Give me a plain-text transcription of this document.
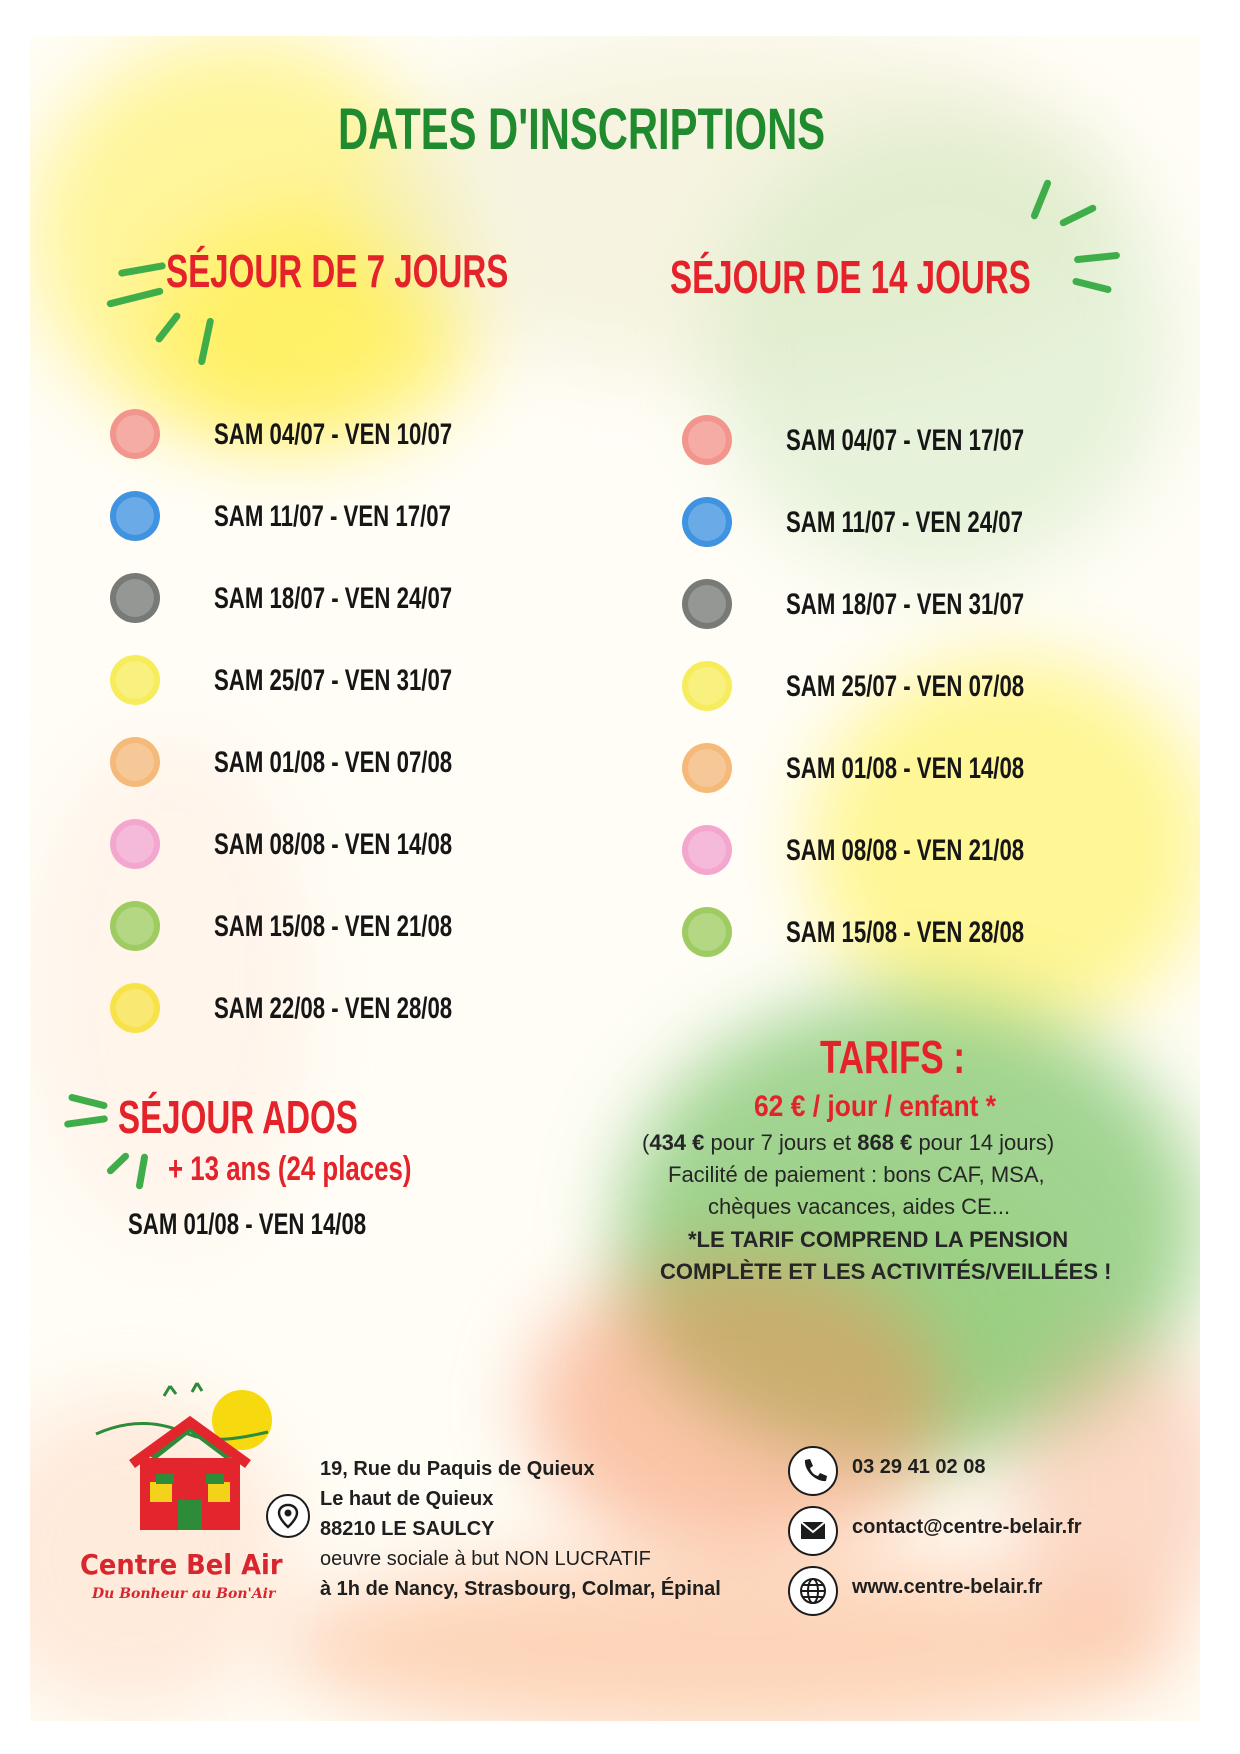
DATES D'INSCRIPTIONS
SÉJOUR DE 7 JOURS
SAM 04/07 - VEN 10/07
SAM 11/07 - VEN 17/07
SAM 18/07 - VEN 24/07
SAM 25/07 - VEN 31/07
SAM 01/08 - VEN 07/08
SAM 08/08 - VEN 14/08
SAM 15/08 - VEN 21/08
SAM 22/08 - VEN 28/08
SÉJOUR DE 14 JOURS
SAM 04/07 - VEN 17/07
SAM 11/07 - VEN 24/07
SAM 18/07 - VEN 31/07
SAM 25/07 - VEN 07/08
SAM 01/08 - VEN 14/08
SAM 08/08 - VEN 21/08
SAM 15/08 - VEN 28/08
SÉJOUR ADOS
+ 13 ans (24 places)
SAM 01/08 - VEN 14/08
TARIFS :
62 € / jour / enfant *
(434 € pour 7 jours et 868 € pour 14 jours)
Facilité de paiement : bons CAF, MSA,
chèques vacances, aides CE...
*LE TARIF COMPREND LA PENSION
COMPLÈTE ET LES ACTIVITÉS/VEILLÉES !
Centre Bel Air
Du Bonheur au Bon'Air
19, Rue du Paquis de Quieux
Le haut de Quieux
88210 LE SAULCY
oeuvre sociale à but NON LUCRATIF
à 1h de Nancy, Strasbourg, Colmar, Épinal
03 29 41 02 08
contact@centre-belair.fr
www.centre-belair.fr
